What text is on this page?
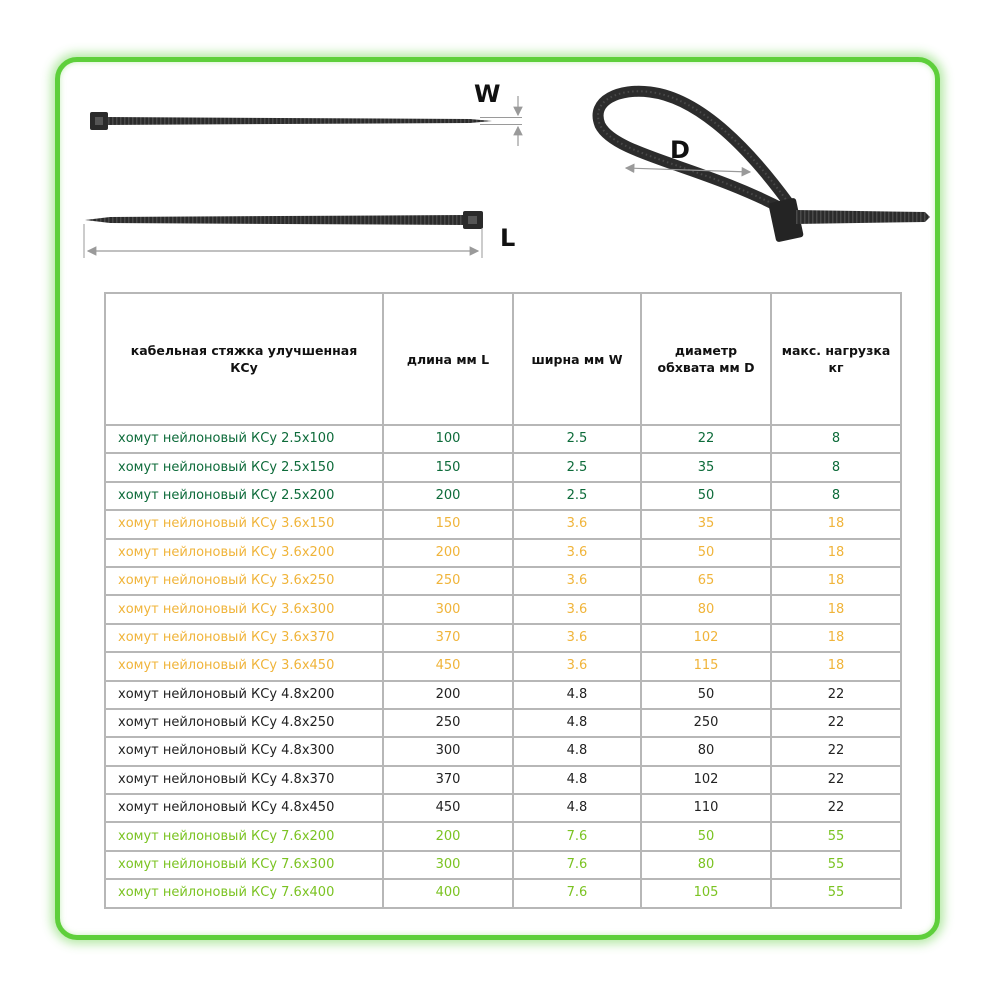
W
L
D
кабельная стяжка улучшенная КСу	длина мм L	ширна мм W	диаметр обхвата мм D	макс. нагрузка кг
хомут нейлоновый КСу 2.5х100	100	2.5	22	8
хомут нейлоновый КСу 2.5х150	150	2.5	35	8
хомут нейлоновый КСу 2.5х200	200	2.5	50	8
хомут нейлоновый КСу 3.6х150	150	3.6	35	18
хомут нейлоновый КСу 3.6х200	200	3.6	50	18
хомут нейлоновый КСу 3.6х250	250	3.6	65	18
хомут нейлоновый КСу 3.6х300	300	3.6	80	18
хомут нейлоновый КСу 3.6х370	370	3.6	102	18
хомут нейлоновый КСу 3.6х450	450	3.6	115	18
хомут нейлоновый КСу 4.8х200	200	4.8	50	22
хомут нейлоновый КСу 4.8х250	250	4.8	250	22
хомут нейлоновый КСу 4.8х300	300	4.8	80	22
хомут нейлоновый КСу 4.8х370	370	4.8	102	22
хомут нейлоновый КСу 4.8х450	450	4.8	110	22
хомут нейлоновый КСу 7.6х200	200	7.6	50	55
хомут нейлоновый КСу 7.6х300	300	7.6	80	55
хомут нейлоновый КСу 7.6х400	400	7.6	105	55
